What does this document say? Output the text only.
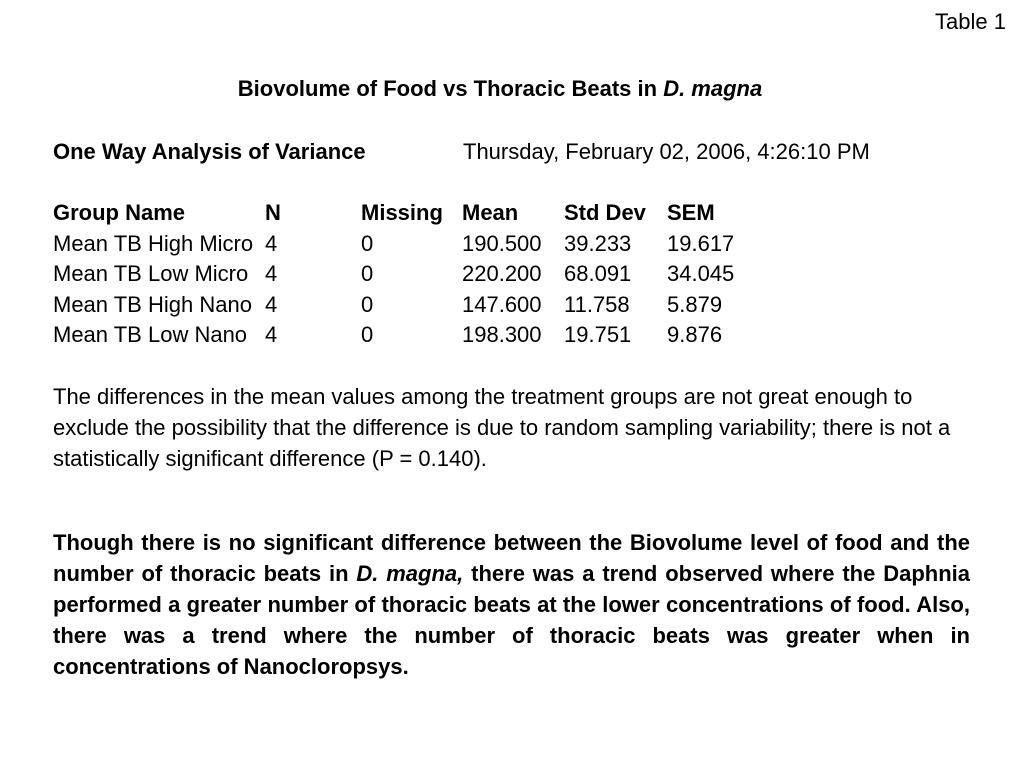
Table 1
Biovolume of Food vs Thoracic Beats in D. magna
One Way Analysis of Variance	Thursday, February 02, 2006, 4:26:10 PM
Group Name	N	Missing	Mean	Std Dev	SEM
Mean TB High Micro	4	0	190.500	39.233	19.617
Mean TB Low Micro	4	0	220.200	68.091	34.045
Mean TB High Nano	4	0	147.600	11.758	5.879
Mean TB Low Nano	4	0	198.300	19.751	9.876
The differences in the mean values among the treatment groups are not great enough to exclude the possibility that the difference is due to random sampling variability; there is not a statistically significant difference (P = 0.140).
Though there is no significant difference between the Biovolume level of food and the number of thoracic beats in D. magna, there was a trend observed where the Daphnia performed a greater number of thoracic beats at the lower concentrations of food. Also, there was a trend where the number of thoracic beats was greater when in concentrations of Nanocloropsys.
